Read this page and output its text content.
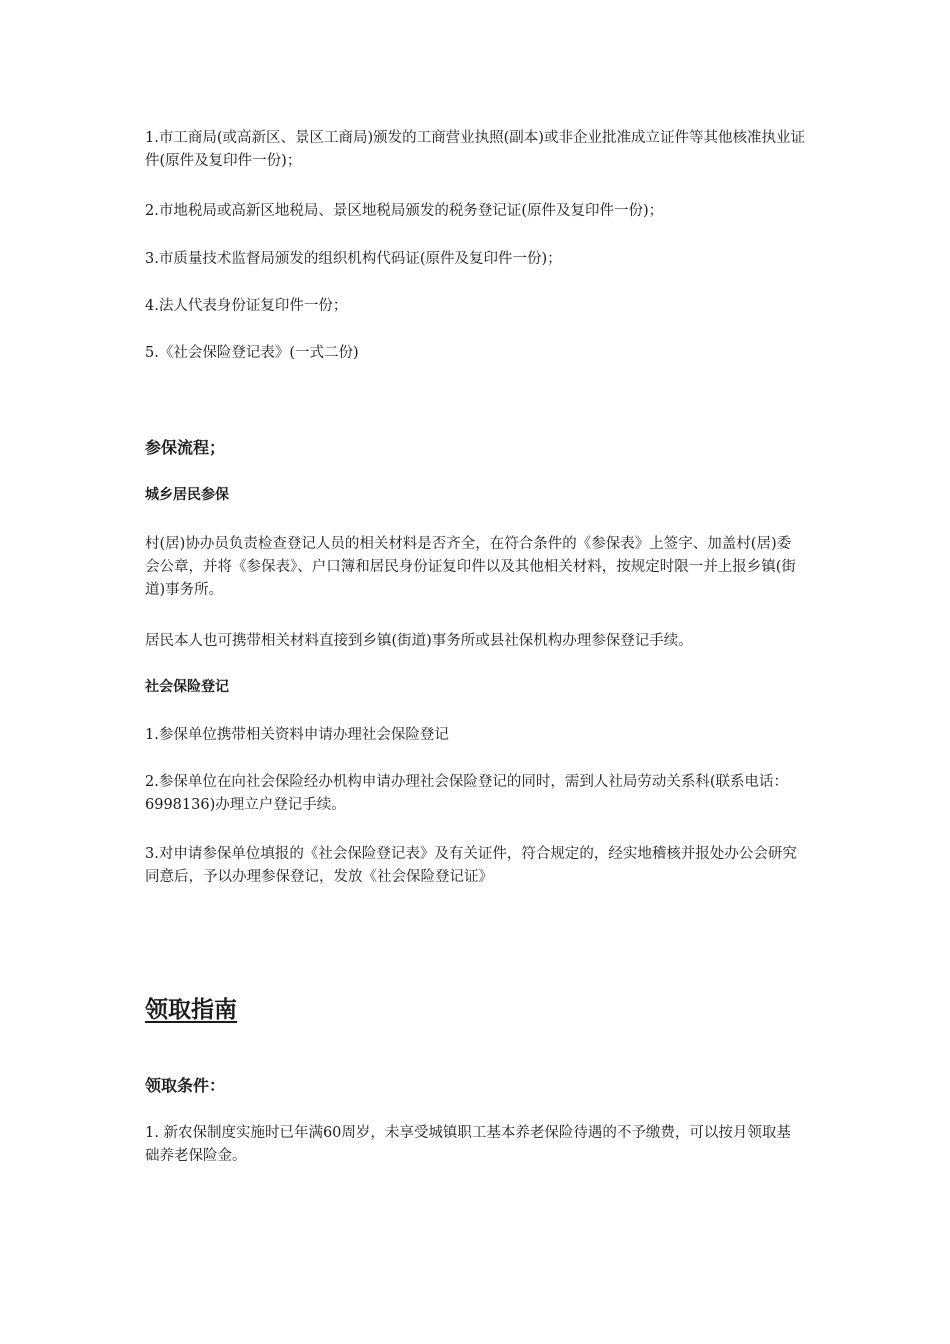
1.市工商局(或高新区、景区工商局)颁发的工商营业执照(副本)或非企业批准成立证件等其他核准执业证件(原件及复印件一份)；

2.市地税局或高新区地税局、景区地税局颁发的税务登记证(原件及复印件一份)；

3.市质量技术监督局颁发的组织机构代码证(原件及复印件一份)；

4.法人代表身份证复印件一份；

5.《社会保险登记表》(一式二份)

参保流程；
城乡居民参保

村(居)协办员负责检查登记人员的相关材料是否齐全，在符合条件的《参保表》上签字、加盖村(居)委会公章，并将《参保表》、户口簿和居民身份证复印件以及其他相关材料，按规定时限一并上报乡镇(街道)事务所。

居民本人也可携带相关材料直接到乡镇(街道)事务所或县社保机构办理参保登记手续。

社会保险登记

1.参保单位携带相关资料申请办理社会保险登记

2.参保单位在向社会保险经办机构申请办理社会保险登记的同时，需到人社局劳动关系科(联系电话： 6998136)办理立户登记手续。

3.对申请参保单位填报的《社会保险登记表》及有关证件，符合规定的，经实地稽核并报处办公会研究同意后，予以办理参保登记，发放《社会保险登记证》

领取指南
领取条件：

1. 新农保制度实施时已年满60周岁，未享受城镇职工基本养老保险待遇的不予缴费，可以按月领取基础养老保险金。
